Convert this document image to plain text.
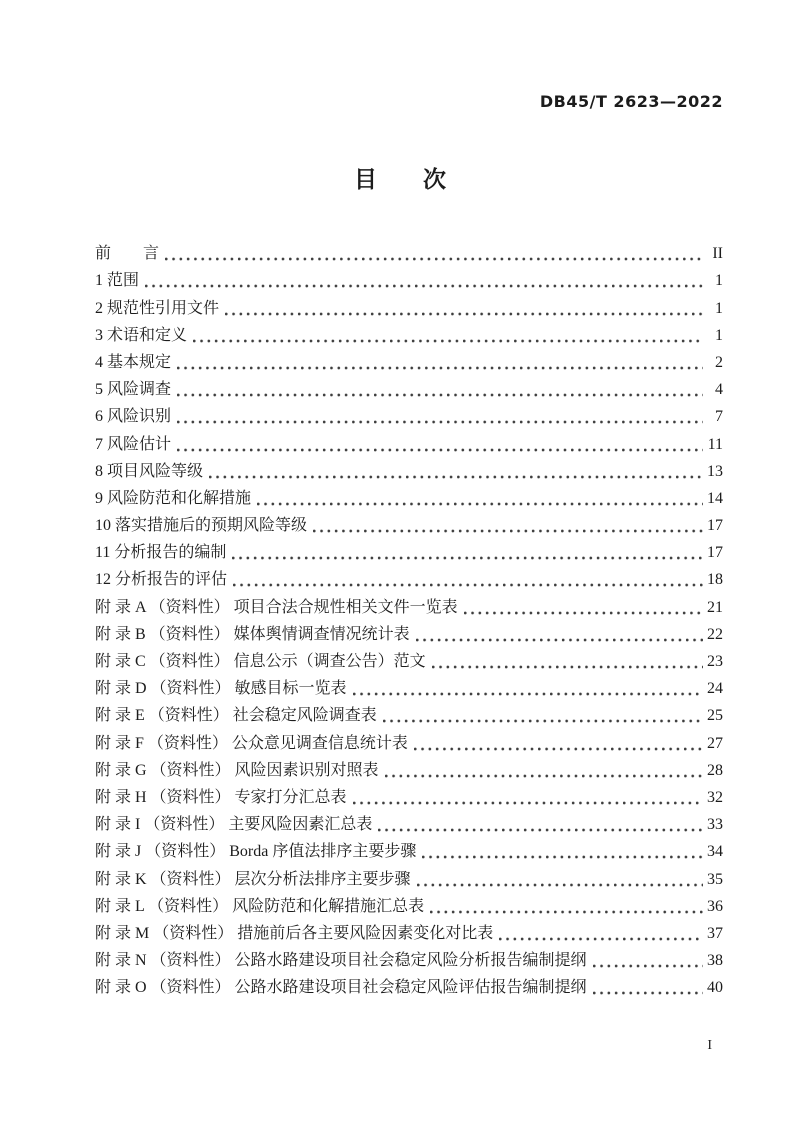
DB45/T 2623—2022
目　　次
前　　言	II
1 范围	1
2 规范性引用文件	1
3 术语和定义	1
4 基本规定	2
5 风险调查	4
6 风险识别	7
7 风险估计	11
8 项目风险等级	13
9 风险防范和化解措施	14
10 落实措施后的预期风险等级	17
11 分析报告的编制	17
12 分析报告的评估	18
附 录 A （资料性） 项目合法合规性相关文件一览表	21
附 录 B （资料性） 媒体舆情调查情况统计表	22
附 录 C （资料性） 信息公示（调查公告）范文	23
附 录 D （资料性） 敏感目标一览表	24
附 录 E （资料性） 社会稳定风险调查表	25
附 录 F （资料性） 公众意见调查信息统计表	27
附 录 G （资料性） 风险因素识别对照表	28
附 录 H （资料性） 专家打分汇总表	32
附 录 I （资料性） 主要风险因素汇总表	33
附 录 J （资料性） Borda 序值法排序主要步骤	34
附 录 K （资料性） 层次分析法排序主要步骤	35
附 录 L （资料性） 风险防范和化解措施汇总表	36
附 录 M （资料性） 措施前后各主要风险因素变化对比表	37
附 录 N （资料性） 公路水路建设项目社会稳定风险分析报告编制提纲	38
附 录 O （资料性） 公路水路建设项目社会稳定风险评估报告编制提纲	40
I
